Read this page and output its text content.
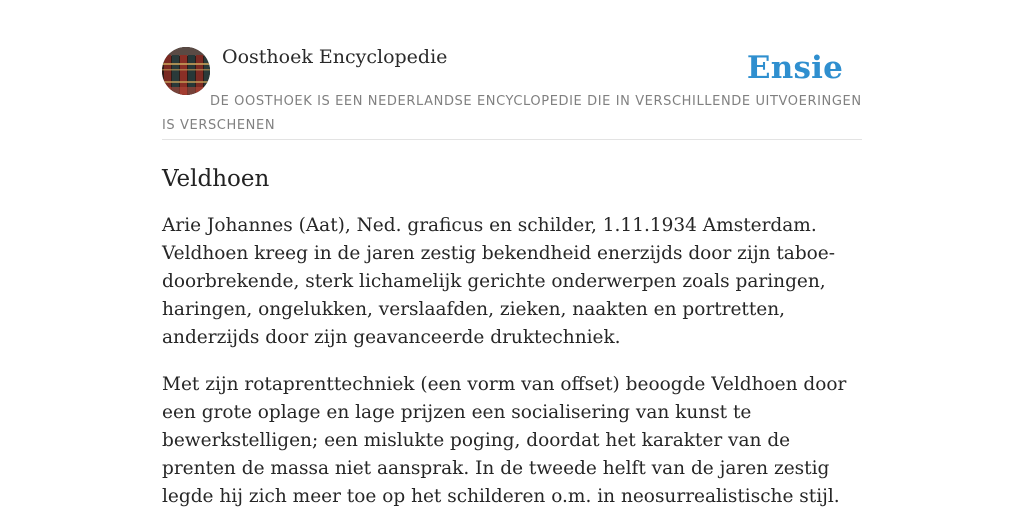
Oosthoek Encyclopedie	Ensie
DE OOSTHOEK IS EEN NEDERLANDSE ENCYCLOPEDIE DIE IN VERSCHILLENDE UITVOERINGEN IS VERSCHENEN
Veldhoen

Arie Johannes (Aat), Ned. graficus en schilder, 1.11.1934 Amsterdam. Veldhoen kreeg in de jaren zestig bekendheid enerzijds door zijn taboe-doorbrekende, sterk lichamelijk gerichte onderwerpen zoals paringen, haringen, ongelukken, verslaafden, zieken, naakten en portretten, anderzijds door zijn geavanceerde druktechniek.

Met zijn rotaprenttechniek (een vorm van offset) beoogde Veldhoen door een grote oplage en lage prijzen een socialisering van kunst te bewerkstelligen; een mislukte poging, doordat het karakter van de prenten de massa niet aansprak. In de tweede helft van de jaren zestig legde hij zich meer toe op het schilderen o.m. in neosurrealistische stijl.
